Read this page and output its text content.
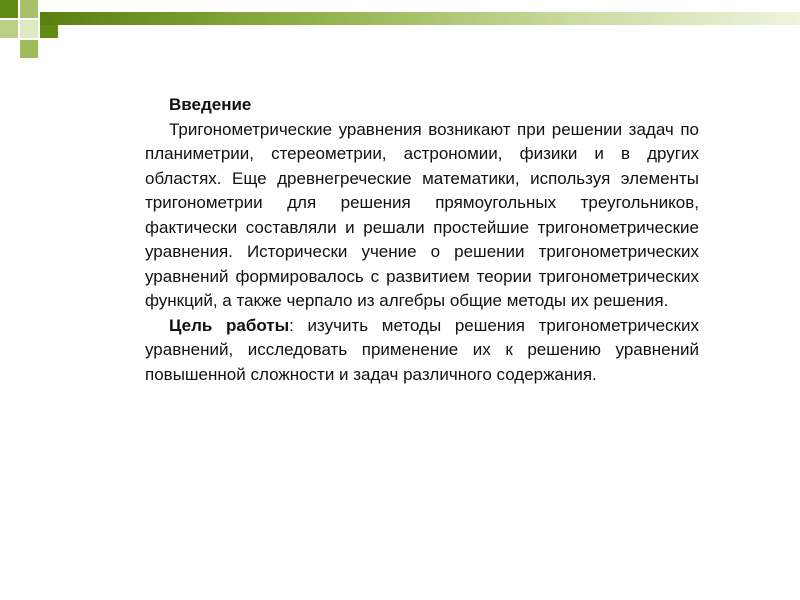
Введение

Тригонометрические уравнения возникают при решении задач по планиметрии, стереометрии, астрономии, физики и в других областях. Еще древнегреческие математики, используя элементы тригонометрии для решения прямоугольных треугольников, фактически составляли и решали простейшие тригонометрические уравнения. Исторически учение о решении тригонометрических уравнений формировалось с развитием теории тригонометрических функций, а также черпало из алгебры общие методы их решения.

Цель работы: изучить методы решения тригонометрических уравнений, исследовать применение их к решению уравнений повышенной сложности и задач различного содержания.
